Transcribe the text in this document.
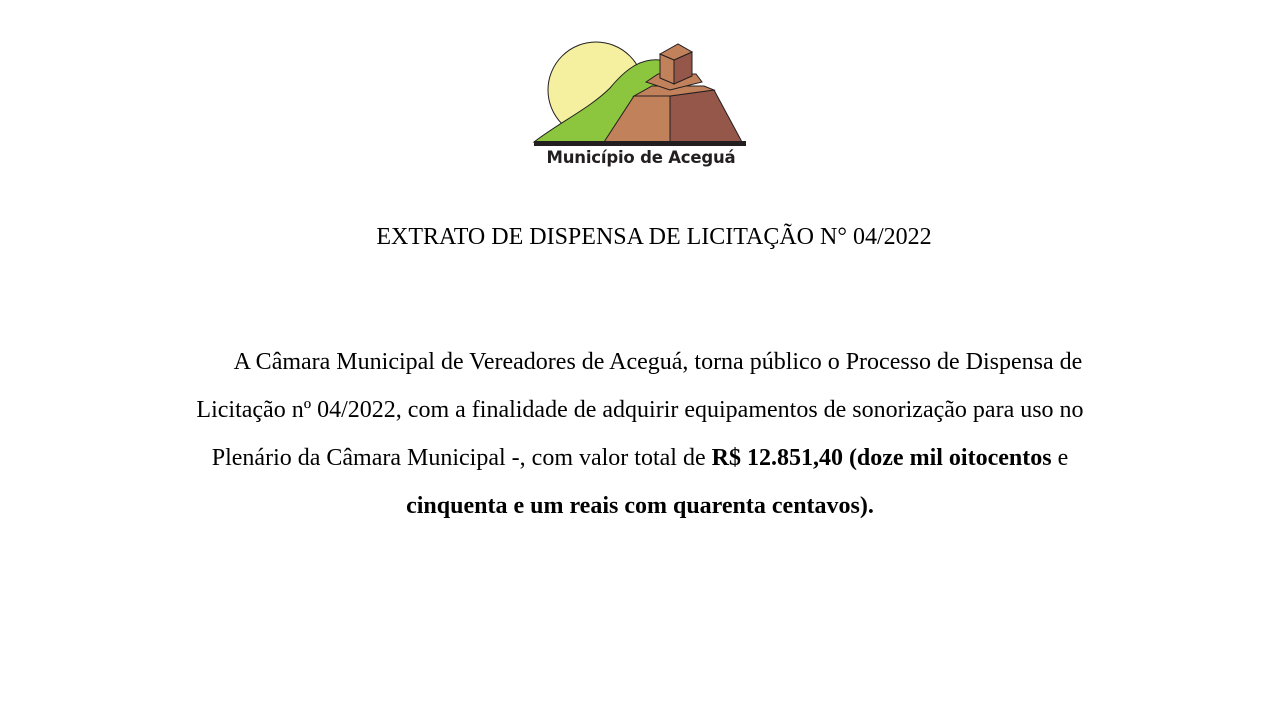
Município de Aceguá
EXTRATO DE DISPENSA DE LICITAÇÃO N° 04/2022
A Câmara Municipal de Vereadores de Aceguá, torna público o Processo de Dispensa de
Licitação nº 04/2022, com a finalidade de adquirir equipamentos de sonorização para uso no
Plenário da Câmara Municipal -, com valor total de R$ 12.851,40 (doze mil oitocentos e
cinquenta e um reais com quarenta centavos).
